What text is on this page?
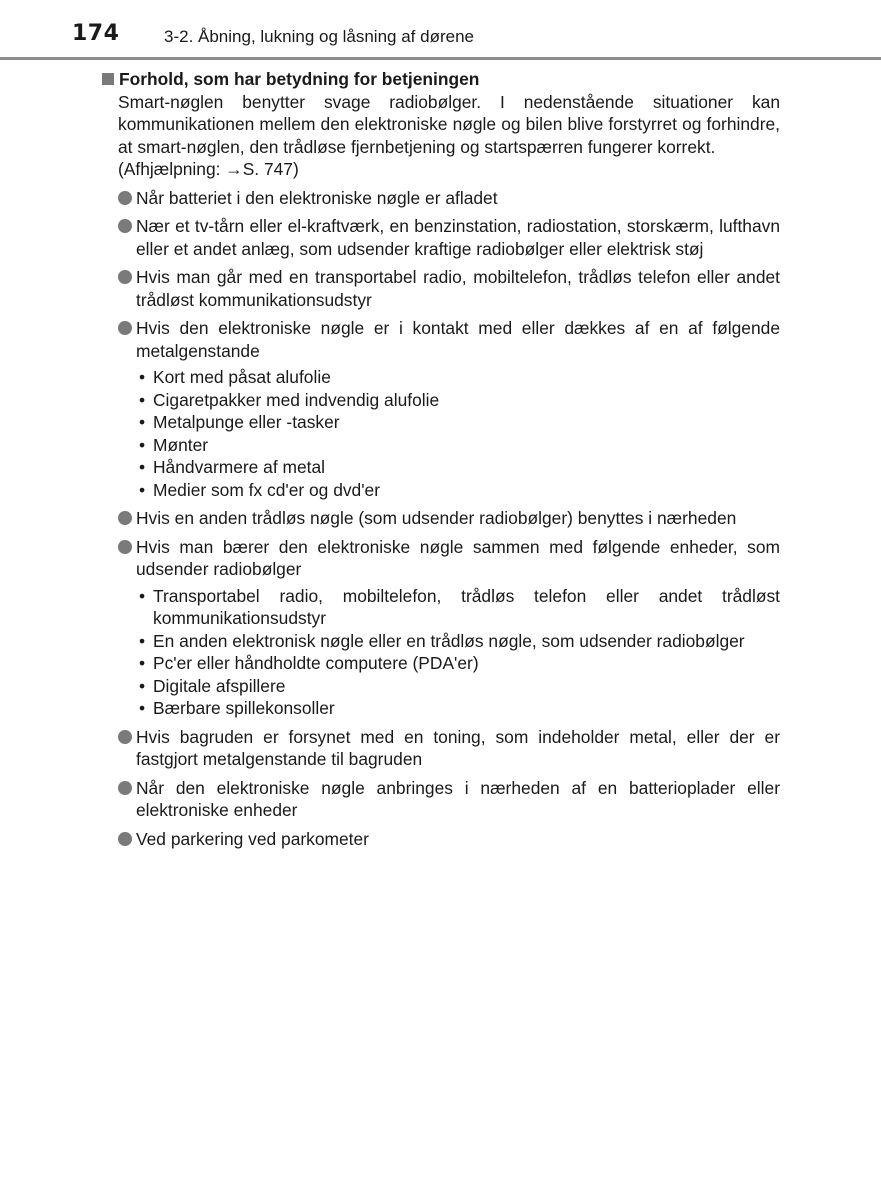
174	3-2. Åbning, lukning og låsning af dørene
Forhold, som har betydning for betjeningen

Smart-nøglen benytter svage radiobølger. I nedenstående situationer kan kommunikationen mellem den elektroniske nøgle og bilen blive forstyrret og forhindre, at smart-nøglen, den trådløse fjernbetjening og startspærren fungerer korrekt.

(Afhjælpning: →S. 747)

Når batteriet i den elektroniske nøgle er afladet
Nær et tv-tårn eller el-kraftværk, en benzinstation, radiostation, storskærm, lufthavn eller et andet anlæg, som udsender kraftige radiobølger eller elektrisk støj
Hvis man går med en transportabel radio, mobiltelefon, trådløs telefon eller andet trådløst kommunikationsudstyr
Hvis den elektroniske nøgle er i kontakt med eller dækkes af en af følgende metalgenstande
• Kort med påsat alufolie
• Cigaretpakker med indvendig alufolie
• Metalpunge eller -tasker
• Mønter
• Håndvarmere af metal
• Medier som fx cd'er og dvd'er
Hvis en anden trådløs nøgle (som udsender radiobølger) benyttes i nærheden
Hvis man bærer den elektroniske nøgle sammen med følgende enheder, som udsender radiobølger
• Transportabel radio, mobiltelefon, trådløs telefon eller andet trådløst kommunikationsudstyr
• En anden elektronisk nøgle eller en trådløs nøgle, som udsender radiobølger
• Pc'er eller håndholdte computere (PDA'er)
• Digitale afspillere
• Bærbare spillekonsoller
Hvis bagruden er forsynet med en toning, som indeholder metal, eller der er fastgjort metalgenstande til bagruden
Når den elektroniske nøgle anbringes i nærheden af en batterioplader eller elektroniske enheder
Ved parkering ved parkometer
